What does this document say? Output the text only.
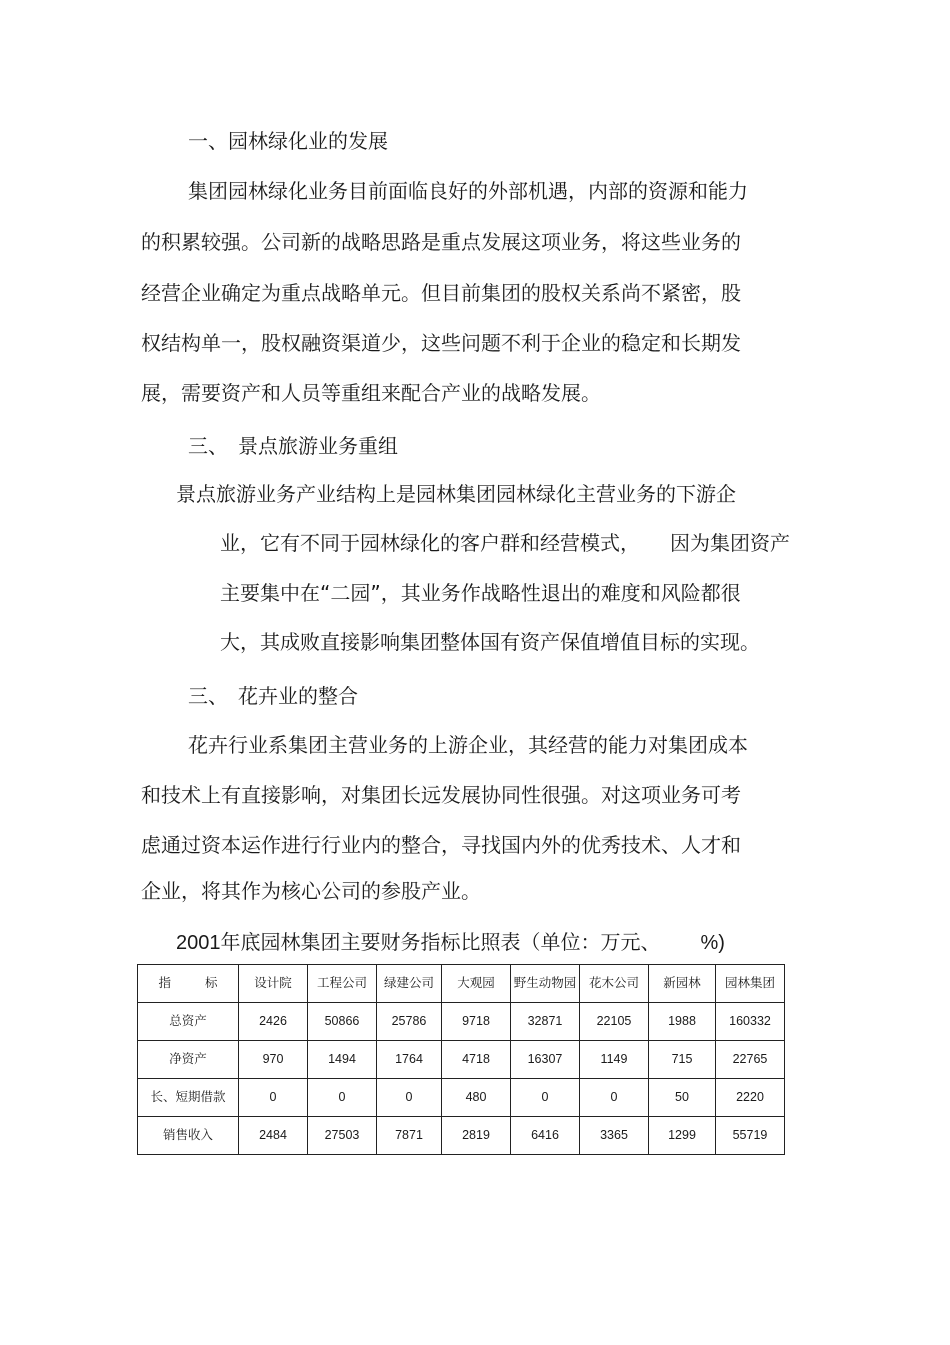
一、园林绿化业的发展
集团园林绿化业务目前面临良好的外部机遇，内部的资源和能力
的积累较强。公司新的战略思路是重点发展这项业务，将这些业务的
经营企业确定为重点战略单元。但目前集团的股权关系尚不紧密，股
权结构单一，股权融资渠道少，这些问题不利于企业的稳定和长期发
展，需要资产和人员等重组来配合产业的战略发展。
三、　景点旅游业务重组
景点旅游业务产业结构上是园林集团园林绿化主营业务的下游企
业，它有不同于园林绿化的客户群和经营模式，　　因为集团资产
主要集中在“二园”，其业务作战略性退出的难度和风险都很
大，其成败直接影响集团整体国有资产保值增值目标的实现。
三、　花卉业的整合
花卉行业系集团主营业务的上游企业，其经营的能力对集团成本
和技术上有直接影响，对集团长远发展协同性很强。对这项业务可考
虑通过资本运作进行行业内的整合，寻找国内外的优秀技术、人才和
企业，将其作为核心公司的参股产业。
2001年底园林集团主要财务指标比照表（单位：万元、 %)
指 标	设计院	工程公司	绿建公司	大观园	野生动物园	花木公司	新园林	园林集团
总资产	2426	50866	25786	9718	32871	22105	1988	160332
净资产	970	1494	1764	4718	16307	1149	715	22765
长、短期借款	0	0	0	480	0	0	50	2220
销售收入	2484	27503	7871	2819	6416	3365	1299	55719
